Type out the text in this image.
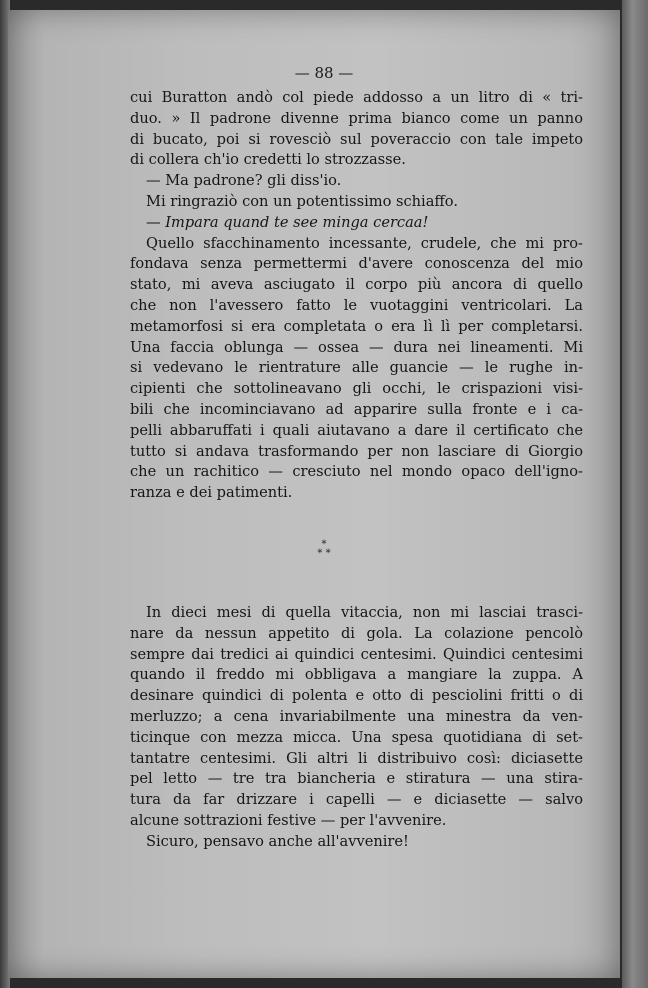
— 88 —
cui Buratton andò col piede addosso a un litro di « tri-
duo. » Il padrone divenne prima bianco come un panno
di bucato, poi si rovesciò sul poveraccio con tale impeto
di collera ch'io credetti lo strozzasse.
— Ma padrone? gli diss'io.
Mi ringraziò con un potentissimo schiaffo.
— Impara quand te see minga cercaa!
Quello sfacchinamento incessante, crudele, che mi pro-
fondava senza permettermi d'avere conoscenza del mio
stato, mi aveva asciugato il corpo più ancora di quello
che non l'avessero fatto le vuotaggini ventricolari. La
metamorfosi si era completata o era lì lì per completarsi.
Una faccia oblunga — ossea — dura nei lineamenti. Mi
si vedevano le rientrature alle guancie — le rughe in-
cipienti che sottolineavano gli occhi, le crispazioni visi-
bili che incominciavano ad apparire sulla fronte e i ca-
pelli abbaruffati i quali aiutavano a dare il certificato che
tutto si andava trasformando per non lasciare di Giorgio
che un rachitico — cresciuto nel mondo opaco dell'igno-
ranza e dei patimenti.
*
* *
In dieci mesi di quella vitaccia, non mi lasciai trasci-
nare da nessun appetito di gola. La colazione pencolò
sempre dai tredici ai quindici centesimi. Quindici centesimi
quando il freddo mi obbligava a mangiare la zuppa. A
desinare quindici di polenta e otto di pesciolini fritti o di
merluzzo; a cena invariabilmente una minestra da ven-
ticinque con mezza micca. Una spesa quotidiana di set-
tantatre centesimi. Gli altri li distribuivo così: diciasette
pel letto — tre tra biancheria e stiratura — una stira-
tura da far drizzare i capelli — e diciasette — salvo
alcune sottrazioni festive — per l'avvenire.
Sicuro, pensavo anche all'avvenire!
